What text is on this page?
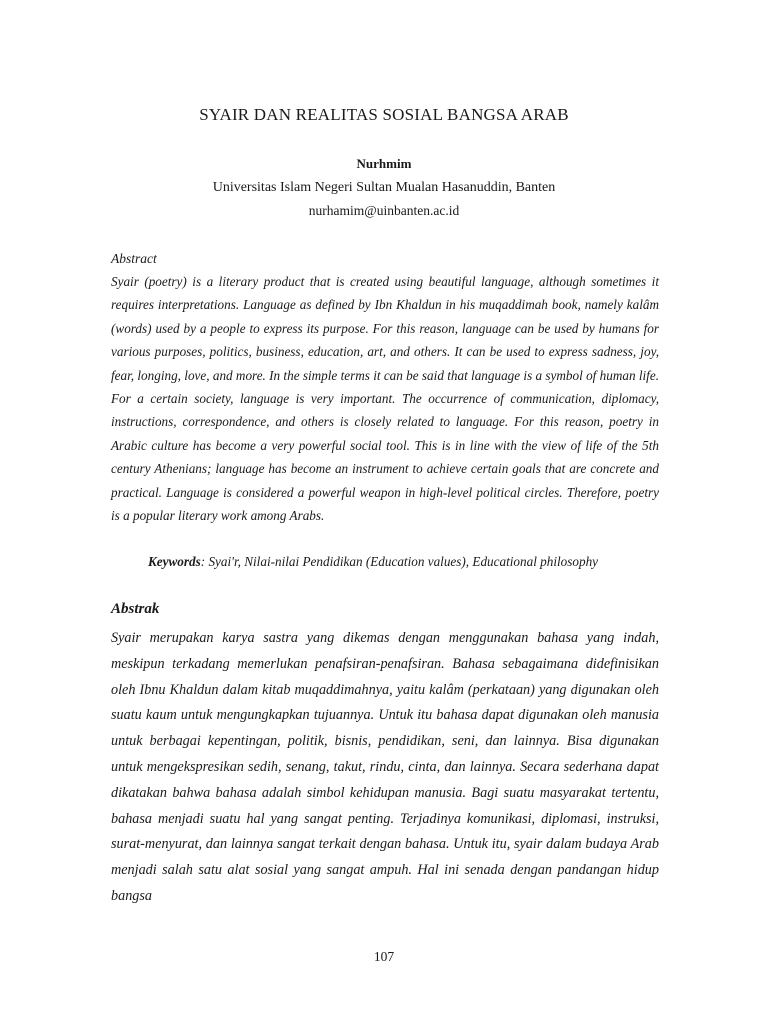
SYAIR DAN REALITAS SOSIAL BANGSA ARAB

Nurhmim

Universitas Islam Negeri Sultan Mualan Hasanuddin, Banten

nurhamim@uinbanten.ac.id

Abstract

Syair (poetry) is a literary product that is created using beautiful language, although sometimes it requires interpretations. Language as defined by Ibn Khaldun in his muqaddimah book, namely kalâm (words) used by a people to express its purpose. For this reason, language can be used by humans for various purposes, politics, business, education, art, and others. It can be used to express sadness, joy, fear, longing, love, and more. In the simple terms it can be said that language is a symbol of human life. For a certain society, language is very important. The occurrence of communication, diplomacy, instructions, correspondence, and others is closely related to language. For this reason, poetry in Arabic culture has become a very powerful social tool. This is in line with the view of life of the 5th century Athenians; language has become an instrument to achieve certain goals that are concrete and practical. Language is considered a powerful weapon in high-level political circles. Therefore, poetry is a popular literary work among Arabs.

Keywords: Syai'r, Nilai-nilai Pendidikan (Education values), Educational philosophy

Abstrak

Syair merupakan karya sastra yang dikemas dengan menggunakan bahasa yang indah, meskipun terkadang memerlukan penafsiran-penafsiran. Bahasa sebagaimana didefinisikan oleh Ibnu Khaldun dalam kitab muqaddimahnya, yaitu kalâm (perkataan) yang digunakan oleh suatu kaum untuk mengungkapkan tujuannya. Untuk itu bahasa dapat digunakan oleh manusia untuk berbagai kepentingan, politik, bisnis, pendidikan, seni, dan lainnya. Bisa digunakan untuk mengekspresikan sedih, senang, takut, rindu, cinta, dan lainnya. Secara sederhana dapat dikatakan bahwa bahasa adalah simbol kehidupan manusia. Bagi suatu masyarakat tertentu, bahasa menjadi suatu hal yang sangat penting. Terjadinya komunikasi, diplomasi, instruksi, surat-menyurat, dan lainnya sangat terkait dengan bahasa. Untuk itu, syair dalam budaya Arab menjadi salah satu alat sosial yang sangat ampuh. Hal ini senada dengan pandangan hidup bangsa

107
